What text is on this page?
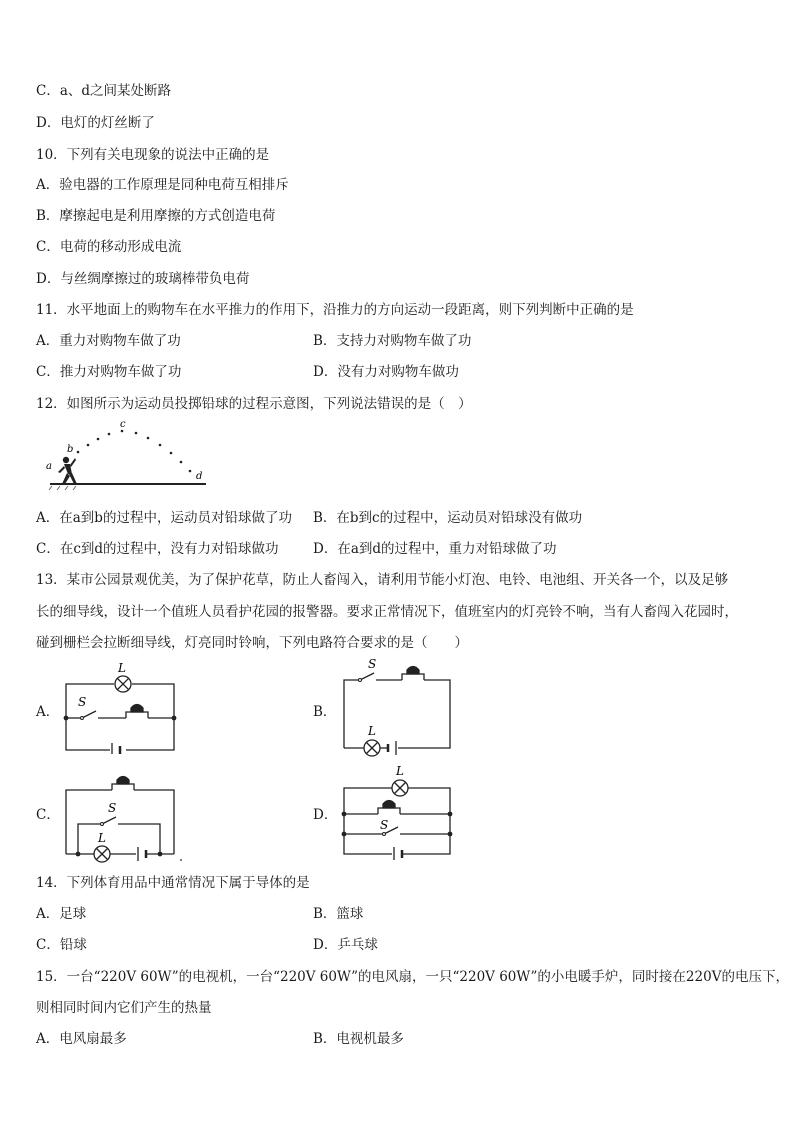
C．a、d之间某处断路
D．电灯的灯丝断了
10．下列有关电现象的说法中正确的是
A．验电器的工作原理是同种电荷互相排斥
B．摩擦起电是利用摩擦的方式创造电荷
C．电荷的移动形成电流
D．与丝绸摩擦过的玻璃棒带负电荷
11．水平地面上的购物车在水平推力的作用下，沿推力的方向运动一段距离，则下列判断中正确的是
A．重力对购物车做了功	B．支持力对购物车做了功
C．推力对购物车做了功	D．没有力对购物车做功
12．如图所示为运动员投掷铅球的过程示意图，下列说法错误的是（　）
a
b
c
d
A．在a到b的过程中，运动员对铅球做了功 B．在b到c的过程中，运动员对铅球没有做功
C．在c到d的过程中，没有力对铅球做功	D．在a到d的过程中，重力对铅球做了功
13．某市公园景观优美，为了保护花草，防止人畜闯入，请利用节能小灯泡、电铃、电池组、开关各一个，以及足够
长的细导线，设计一个值班人员看护花园的报警器。要求正常情况下，值班室内的灯亮铃不响，当有人畜闯入花园时，
碰到栅栏会拉断细导线，灯亮同时铃响，下列电路符合要求的是（　　）
A．	B．
C．	D．
L
S
S
L
S
L
L
S
14．下列体育用品中通常情况下属于导体的是
A．足球	B．篮球
C．铅球	D．乒乓球
15．一台“220V 60W”的电视机，一台“220V 60W”的电风扇，一只“220V 60W”的小电暖手炉，同时接在220V的电压下，
则相同时间内它们产生的热量
A．电风扇最多	B．电视机最多
